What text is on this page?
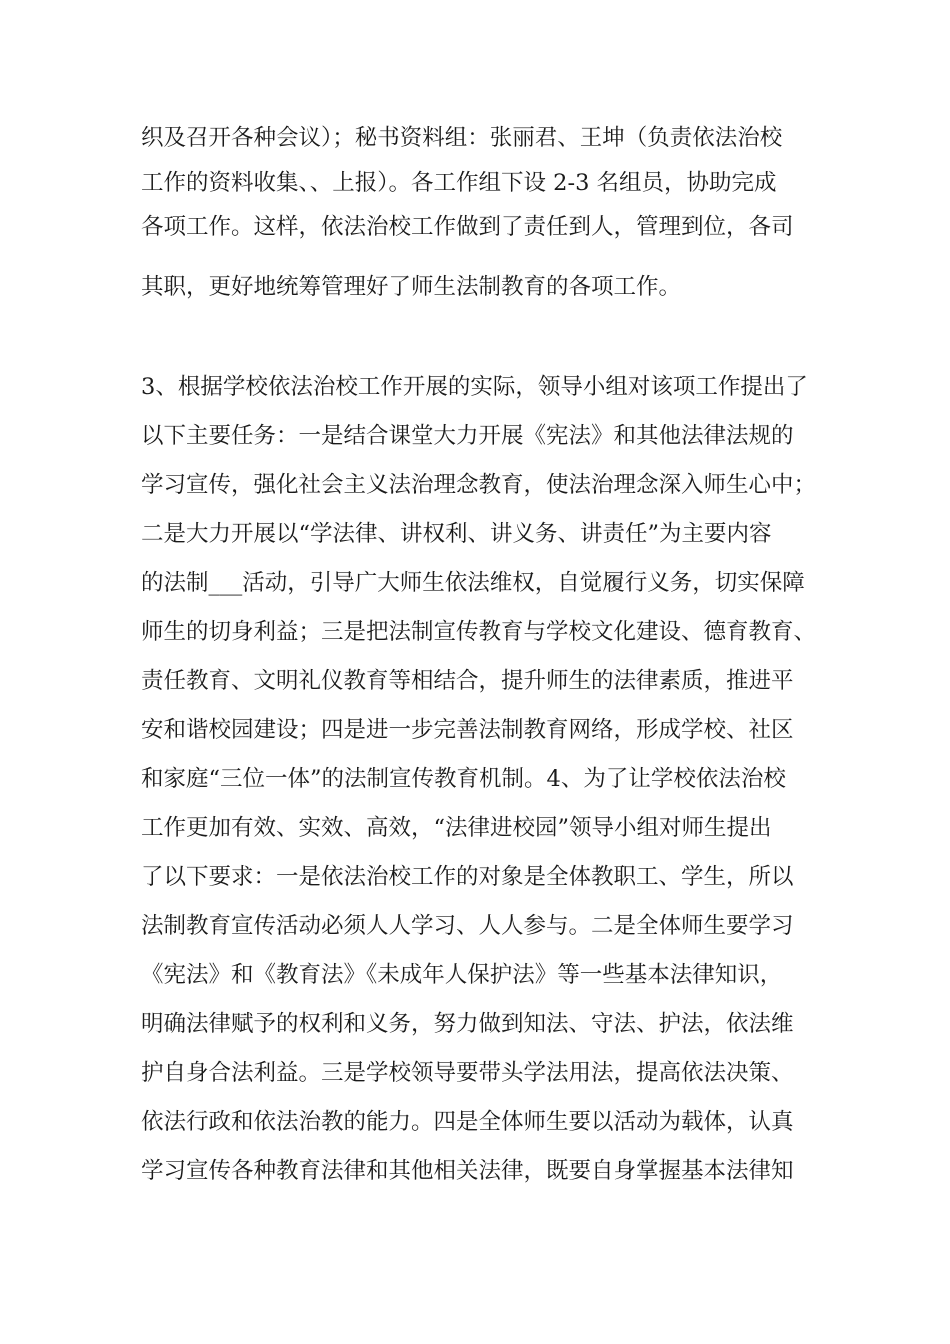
织及召开各种会议）；秘书资料组：张丽君、王坤（负责依法治校
工作的资料收集、、上报）。各工作组下设 2-3 名组员，协助完成
各项工作。这样，依法治校工作做到了责任到人，管理到位，各司
其职，更好地统筹管理好了师生法制教育的各项工作。
3、根据学校依法治校工作开展的实际，领导小组对该项工作提出了
以下主要任务：一是结合课堂大力开展《宪法》和其他法律法规的
学习宣传，强化社会主义法治理念教育，使法治理念深入师生心中；
二是大力开展以“学法律、讲权利、讲义务、讲责任”为主要内容
的法制___活动，引导广大师生依法维权，自觉履行义务，切实保障
师生的切身利益；三是把法制宣传教育与学校文化建设、德育教育、
责任教育、文明礼仪教育等相结合，提升师生的法律素质，推进平
安和谐校园建设；四是进一步完善法制教育网络，形成学校、社区
和家庭“三位一体”的法制宣传教育机制。4、为了让学校依法治校
工作更加有效、实效、高效，“法律进校园”领导小组对师生提出
了以下要求：一是依法治校工作的对象是全体教职工、学生，所以
法制教育宣传活动必须人人学习、人人参与。二是全体师生要学习
《宪法》和《教育法》《未成年人保护法》等一些基本法律知识，
明确法律赋予的权利和义务，努力做到知法、守法、护法，依法维
护自身合法利益。三是学校领导要带头学法用法，提高依法决策、
依法行政和依法治教的能力。四是全体师生要以活动为载体，认真
学习宣传各种教育法律和其他相关法律，既要自身掌握基本法律知
